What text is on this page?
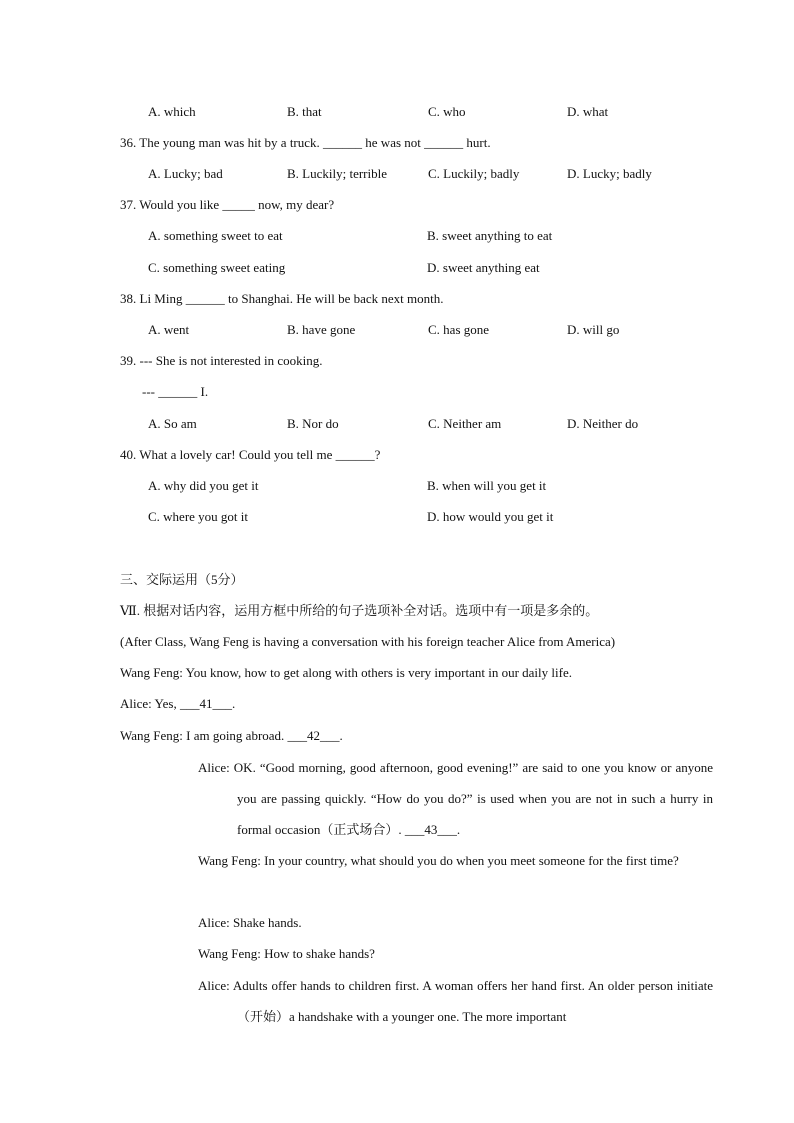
A. which	B. that	C. who	D. what
36. The young man was hit by a truck. ______ he was not ______ hurt.
A. Lucky; bad	B. Luckily; terrible	C. Luckily; badly	D. Lucky; badly
37. Would you like _____ now, my dear?
A. something sweet to eat	B. sweet anything to eat
C. something sweet eating	D. sweet anything eat
38. Li Ming ______ to Shanghai. He will be back next month.
A. went	B. have gone	C. has gone	D. will go
39. --- She is not interested in cooking.
--- ______ I.
A. So am	B. Nor do	C. Neither am	D. Neither do
40. What a lovely car! Could you tell me ______?
A. why did you get it	B. when will you get it
C. where you got it	D. how would you get it
三、交际运用（5分）
Ⅶ. 根据对话内容，运用方框中所给的句子选项补全对话。选项中有一项是多余的。
(After Class, Wang Feng is having a conversation with his foreign teacher Alice from America)
Wang Feng: You know, how to get along with others is very important in our daily life.
Alice: Yes, ___41___.
Wang Feng: I am going abroad. ___42___.
Alice: OK. “Good morning, good afternoon, good evening!” are said to one you know or anyone you are passing quickly. “How do you do?” is used when you are not in such a hurry in formal occasion（正式场合）. ___43___.
Wang Feng: In your country, what should you do when you meet someone for the first time?
Alice: Shake hands.
Wang Feng: How to shake hands?
Alice: Adults offer hands to children first. A woman offers her hand first. An older person initiate（开始）a handshake with a younger one. The more important
